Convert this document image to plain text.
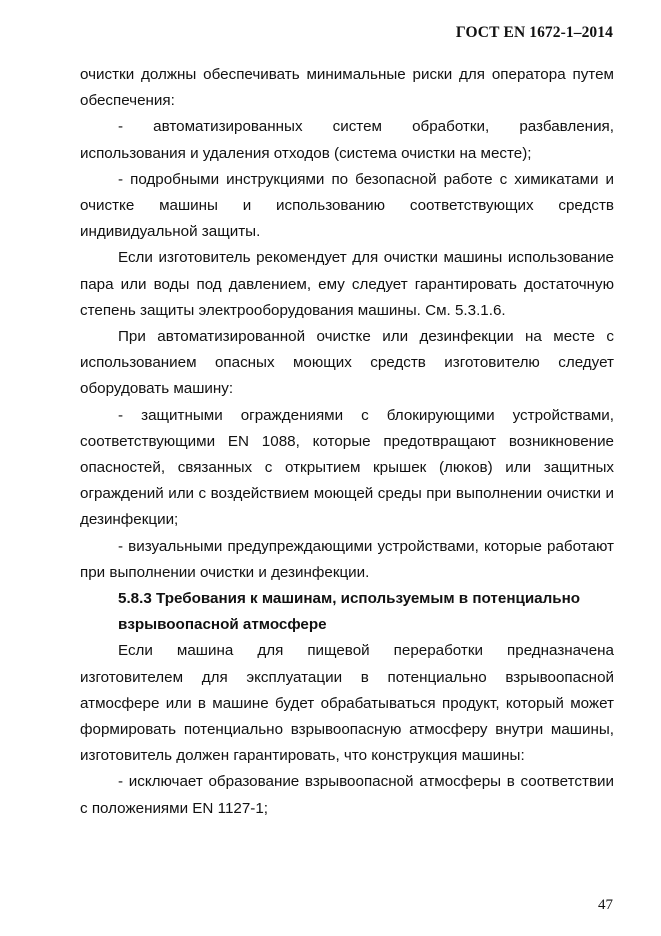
ГОСТ EN 1672-1–2014

очистки должны обеспечивать минимальные риски для оператора путем обеспечения:

- автоматизированных систем обработки, разбавления, использования и удаления отходов (система очистки на месте);

- подробными инструкциями по безопасной работе с химикатами и очистке машины и использованию соответствующих средств индивидуальной защиты.

Если изготовитель рекомендует для очистки машины использование пара или воды под давлением, ему следует гарантировать достаточную степень защиты электрооборудования машины. См. 5.3.1.6.

При автоматизированной очистке или дезинфекции на месте с использованием опасных моющих средств изготовителю следует оборудовать машину:

- защитными ограждениями с блокирующими устройствами, соответствующими EN 1088, которые предотвращают возникновение опасностей, связанных с открытием крышек (люков) или защитных ограждений или с воздействием моющей среды при выполнении очистки и дезинфекции;

- визуальными предупреждающими устройствами, которые работают при выполнении очистки и дезинфекции.

5.8.3 Требования к машинам, используемым в потенциально взрывоопасной атмосфере

Если машина для пищевой переработки предназначена изготовителем для эксплуатации в потенциально взрывоопасной атмосфере или в машине будет обрабатываться продукт, который может формировать потенциально взрывоопасную атмосферу внутри машины, изготовитель должен гарантировать, что конструкция машины:

- исключает образование взрывоопасной атмосферы в соответствии с положениями EN 1127-1;

47
